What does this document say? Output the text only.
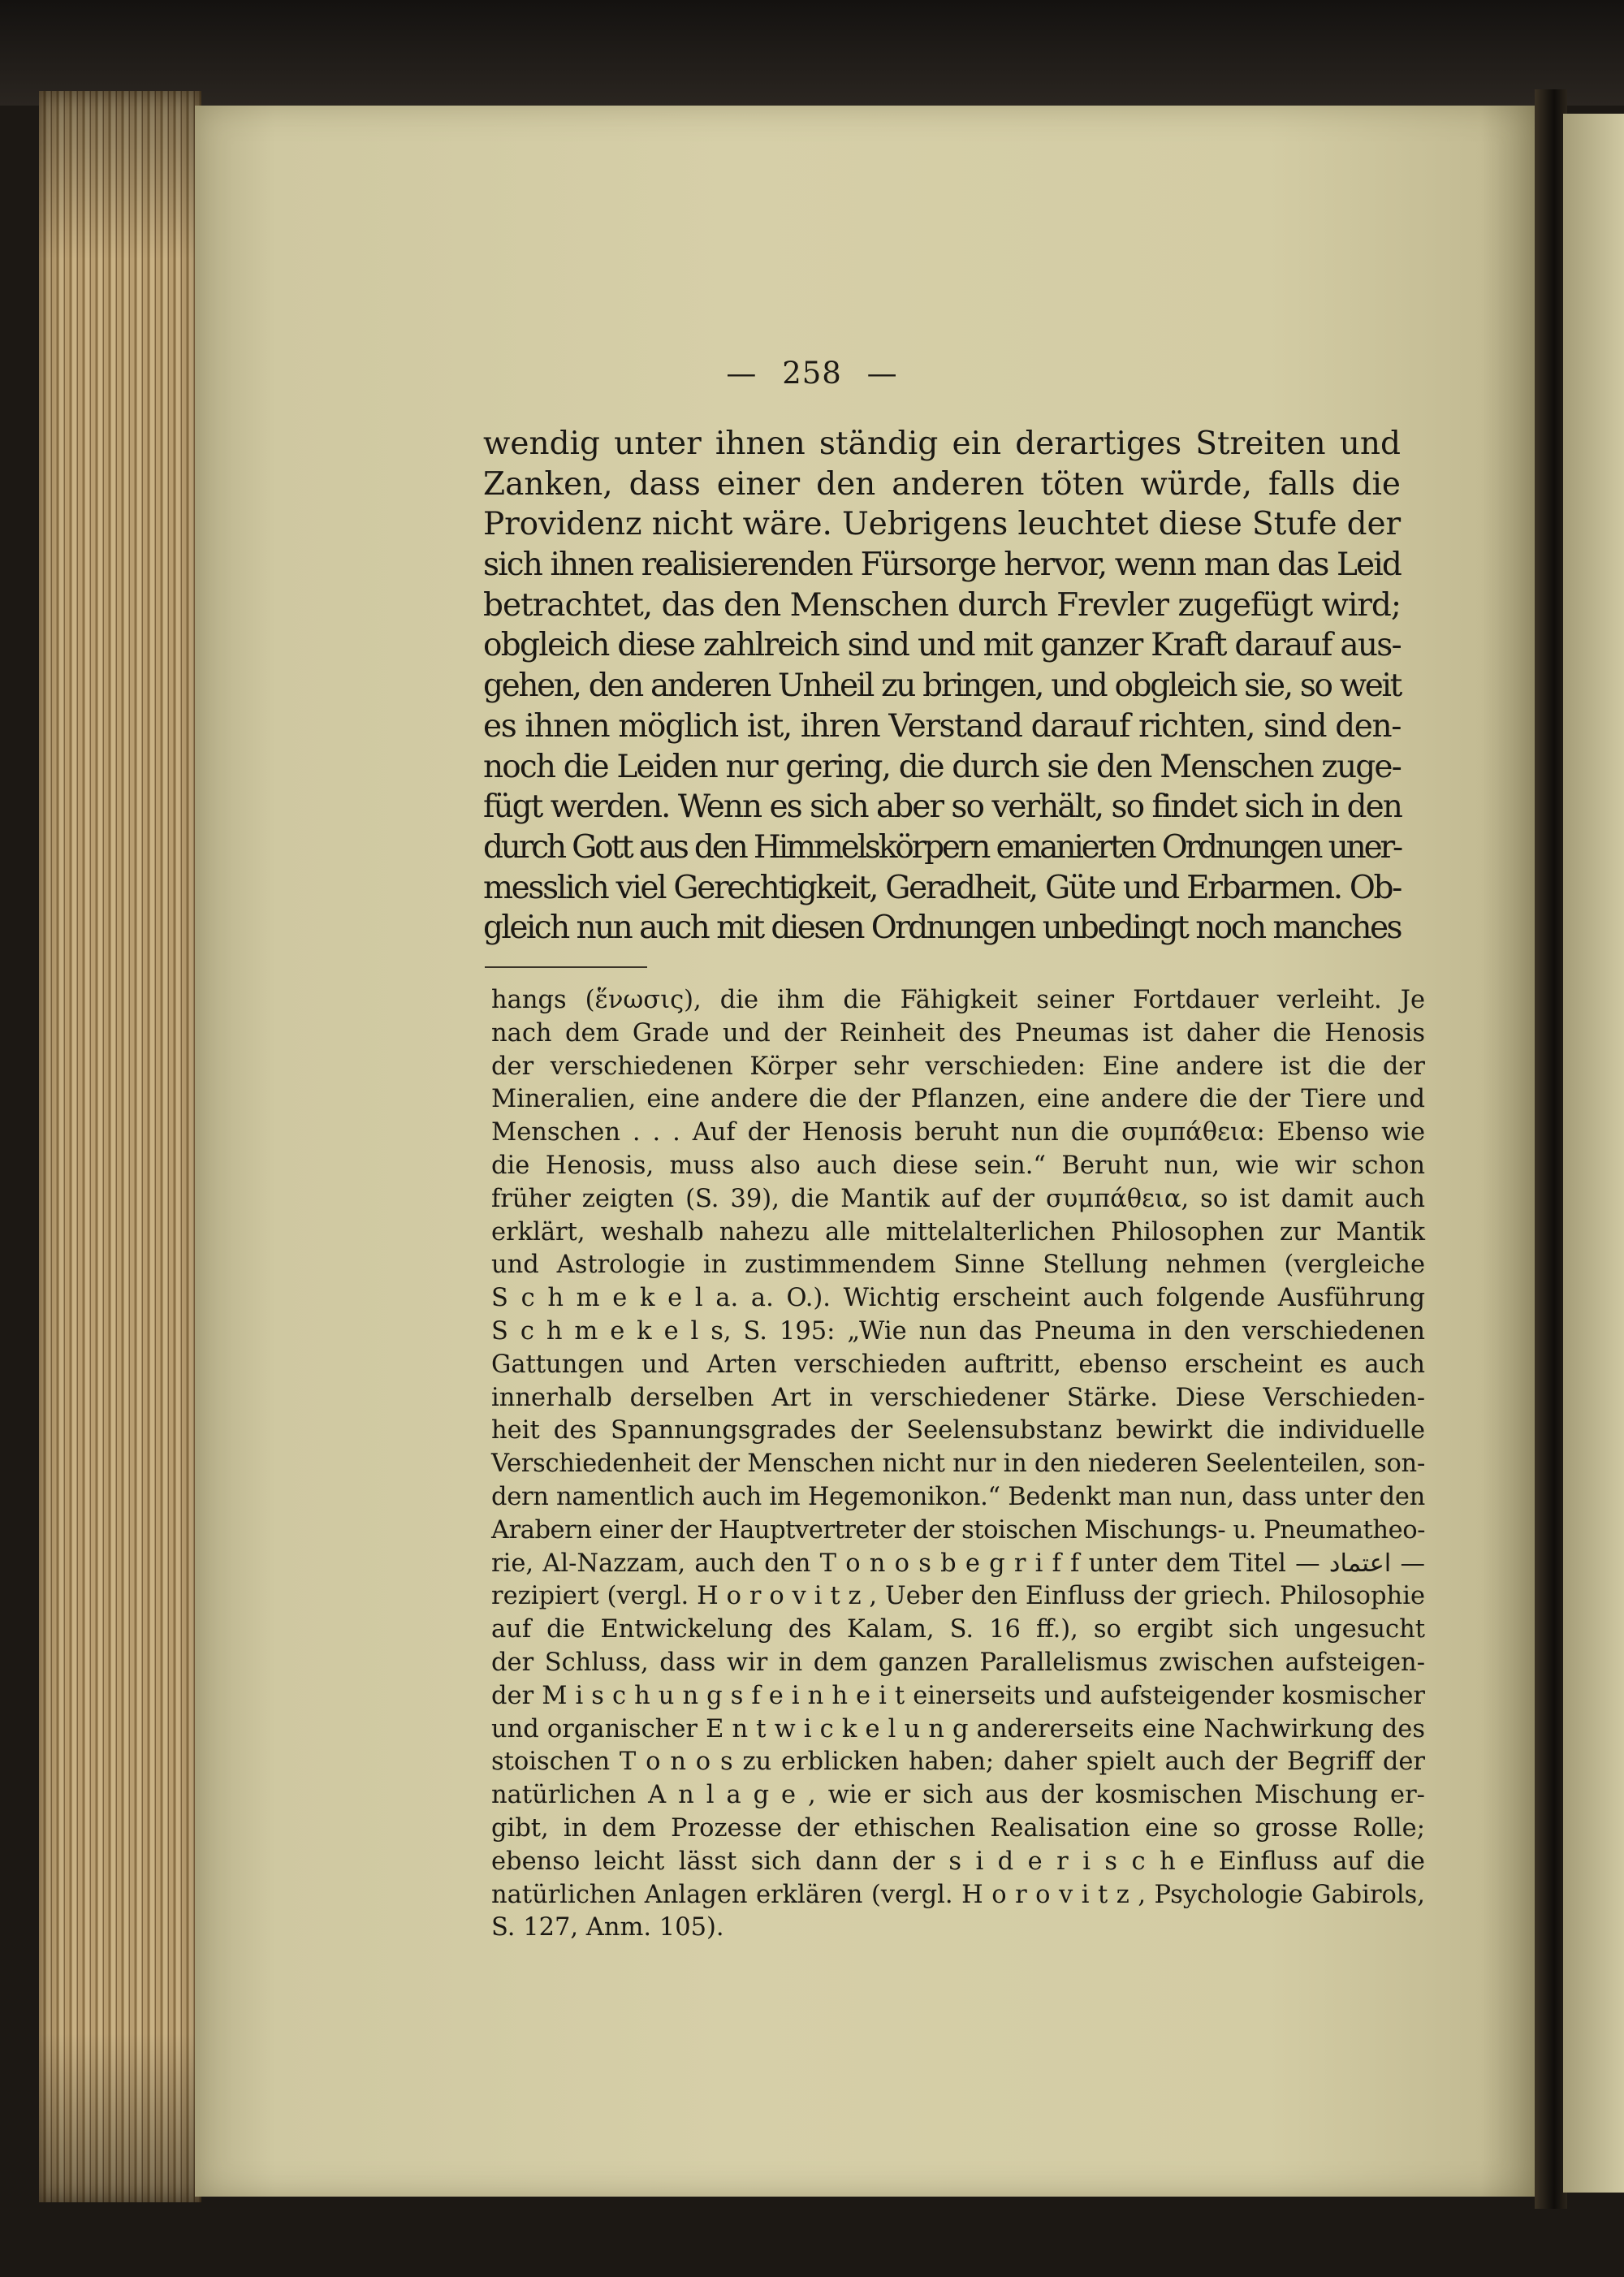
— 258 —
wendig unter ihnen ständig ein derartiges Streiten und
Zanken, dass einer den anderen töten würde, falls die
Providenz nicht wäre. Uebrigens leuchtet diese Stufe der
sich ihnen realisierenden Fürsorge hervor, wenn man das Leid
betrachtet, das den Menschen durch Frevler zugefügt wird;
obgleich diese zahlreich sind und mit ganzer Kraft darauf aus-
gehen, den anderen Unheil zu bringen, und obgleich sie, so weit
es ihnen möglich ist, ihren Verstand darauf richten, sind den-
noch die Leiden nur gering, die durch sie den Menschen zuge-
fügt werden. Wenn es sich aber so verhält, so findet sich in den
durch Gott aus den Himmelskörpern emanierten Ordnungen uner-
messlich viel Gerechtigkeit, Geradheit, Güte und Erbarmen. Ob-
gleich nun auch mit diesen Ordnungen unbedingt noch manches
hangs (ἕνωσις), die ihm die Fähigkeit seiner Fortdauer verleiht. Je
nach dem Grade und der Reinheit des Pneumas ist daher die Henosis
der verschiedenen Körper sehr verschieden: Eine andere ist die der
Mineralien, eine andere die der Pflanzen, eine andere die der Tiere und
Menschen . . . Auf der Henosis beruht nun die συμπάθεια: Ebenso wie
die Henosis, muss also auch diese sein.“ Beruht nun, wie wir schon
früher zeigten (S. 39), die Mantik auf der συμπάθεια, so ist damit auch
erklärt, weshalb nahezu alle mittelalterlichen Philosophen zur Mantik
und Astrologie in zustimmendem Sinne Stellung nehmen (vergleiche
S c h m e k e l a. a. O.). Wichtig erscheint auch folgende Ausführung
S c h m e k e l s, S. 195: „Wie nun das Pneuma in den verschiedenen
Gattungen und Arten verschieden auftritt, ebenso erscheint es auch
innerhalb derselben Art in verschiedener Stärke. Diese Verschieden-
heit des Spannungsgrades der Seelensubstanz bewirkt die individuelle
Verschiedenheit der Menschen nicht nur in den niederen Seelenteilen, son-
dern namentlich auch im Hegemonikon.“ Bedenkt man nun, dass unter den
Arabern einer der Hauptvertreter der stoischen Mischungs- u. Pneumatheo-
rie, Al-Nazzam, auch den T o n o s b e g r i f f unter dem Titel — اعتماد —
rezipiert (vergl. H o r o v i t z , Ueber den Einfluss der griech. Philosophie
auf die Entwickelung des Kalam, S. 16 ff.), so ergibt sich ungesucht
der Schluss, dass wir in dem ganzen Parallelismus zwischen aufsteigen-
der M i s c h u n g s f e i n h e i t einerseits und aufsteigender kosmischer
und organischer E n t w i c k e l u n g andererseits eine Nachwirkung des
stoischen T o n o s zu erblicken haben; daher spielt auch der Begriff der
natürlichen A n l a g e , wie er sich aus der kosmischen Mischung er-
gibt, in dem Prozesse der ethischen Realisation eine so grosse Rolle;
ebenso leicht lässt sich dann der s i d e r i s c h e Einfluss auf die
natürlichen Anlagen erklären (vergl. H o r o v i t z , Psychologie Gabirols,
S. 127, Anm. 105).
